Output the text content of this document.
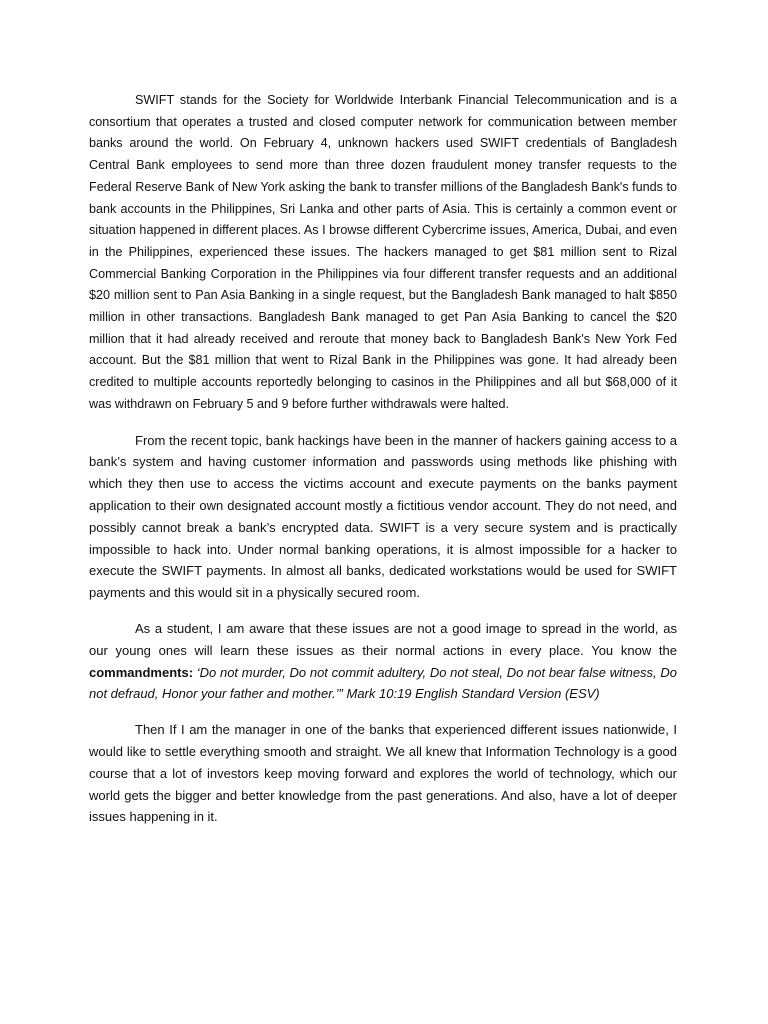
SWIFT stands for the Society for Worldwide Interbank Financial Telecommunication and is a consortium that operates a trusted and closed computer network for communication between member banks around the world. On February 4, unknown hackers used SWIFT credentials of Bangladesh Central Bank employees to send more than three dozen fraudulent money transfer requests to the Federal Reserve Bank of New York asking the bank to transfer millions of the Bangladesh Bank's funds to bank accounts in the Philippines, Sri Lanka and other parts of Asia. This is certainly a common event or situation happened in different places. As I browse different Cybercrime issues, America, Dubai, and even in the Philippines, experienced these issues. The hackers managed to get $81 million sent to Rizal Commercial Banking Corporation in the Philippines via four different transfer requests and an additional $20 million sent to Pan Asia Banking in a single request, but the Bangladesh Bank managed to halt $850 million in other transactions. Bangladesh Bank managed to get Pan Asia Banking to cancel the $20 million that it had already received and reroute that money back to Bangladesh Bank's New York Fed account. But the $81 million that went to Rizal Bank in the Philippines was gone. It had already been credited to multiple accounts reportedly belonging to casinos in the Philippines and all but $68,000 of it was withdrawn on February 5 and 9 before further withdrawals were halted.

From the recent topic, bank hackings have been in the manner of hackers gaining access to a bank’s system and having customer information and passwords using methods like phishing with which they then use to access the victims account and execute payments on the banks payment application to their own designated account mostly a fictitious vendor account. They do not need, and possibly cannot break a bank’s encrypted data. SWIFT is a very secure system and is practically impossible to hack into. Under normal banking operations, it is almost impossible for a hacker to execute the SWIFT payments. In almost all banks, dedicated workstations would be used for SWIFT payments and this would sit in a physically secured room.

As a student, I am aware that these issues are not a good image to spread in the world, as our young ones will learn these issues as their normal actions in every place. You know the commandments: ‘Do not murder, Do not commit adultery, Do not steal, Do not bear false witness, Do not defraud, Honor your father and mother.’” Mark 10:19 English Standard Version (ESV)

Then If I am the manager in one of the banks that experienced different issues nationwide, I would like to settle everything smooth and straight. We all knew that Information Technology is a good course that a lot of investors keep moving forward and explores the world of technology, which our world gets the bigger and better knowledge from the past generations. And also, have a lot of deeper issues happening in it.
